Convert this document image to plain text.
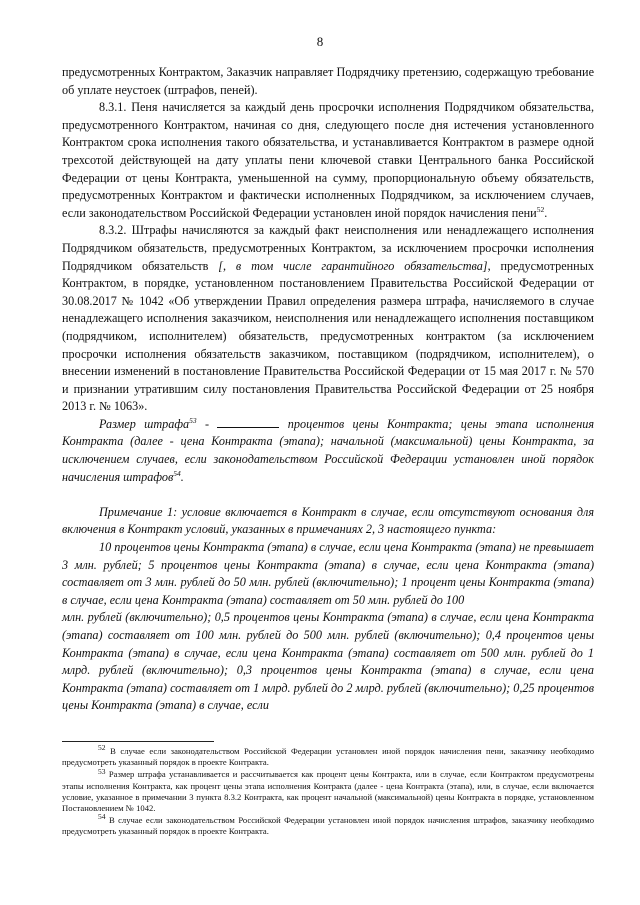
8

предусмотренных Контрактом, Заказчик направляет Подрядчику претензию, содержащую требование об уплате неустоек (штрафов, пеней).

8.3.1. Пеня начисляется за каждый день просрочки исполнения Подрядчиком обязательства, предусмотренного Контрактом, начиная со дня, следующего после дня истечения установленного Контрактом срока исполнения такого обязательства, и устанавливается Контрактом в размере одной трехсотой действующей на дату уплаты пени ключевой ставки Центрального банка Российской Федерации от цены Контракта, уменьшенной на сумму, пропорциональную объему обязательств, предусмотренных Контрактом и фактически исполненных Подрядчиком, за исключением случаев, если законодательством Российской Федерации установлен иной порядок начисления пени$^{52}$.

8.3.2. Штрафы начисляются за каждый факт неисполнения или ненадлежащего исполнения Подрядчиком обязательств, предусмотренных Контрактом, за исключением просрочки исполнения Подрядчиком обязательств [, в том числе гарантийного обязательства], предусмотренных Контрактом, в порядке, установленном постановлением Правительства Российской Федерации от 30.08.2017 № 1042 «Об утверждении Правил определения размера штрафа, начисляемого в случае ненадлежащего исполнения заказчиком, неисполнения или ненадлежащего исполнения поставщиком (подрядчиком, исполнителем) обязательств, предусмотренных контрактом (за исключением просрочки исполнения обязательств заказчиком, поставщиком (подрядчиком, исполнителем), о внесении изменений в постановление Правительства Российской Федерации от 15 мая 2017 г. № 570 и признании утратившим силу постановления Правительства Российской Федерации от 25 ноября 2013 г. № 1063».

Размер штрафа$^{53}$ -	процентов цены Контракта; цены этапа исполнения Контракта (далее - цена Контракта (этапа); начальной (максимальной) цены Контракта, за исключением случаев, если законодательством Российской Федерации установлен иной порядок начисления штрафов$^{54}$.

Примечание 1: условие включается в Контракт в случае, если отсутствуют основания для включения в Контракт условий, указанных в примечаниях 2, 3 настоящего пункта:

10 процентов цены Контракта (этапа) в случае, если цена Контракта (этапа) не превышает 3 млн. рублей; 5 процентов цены Контракта (этапа) в случае, если цена Контракта (этапа) составляет от 3 млн. рублей до 50 млн. рублей (включительно); 1 процент цены Контракта (этапа) в случае, если цена Контракта (этапа) составляет от 50 млн. рублей до 100

млн. рублей (включительно); 0,5 процентов цены Контракта (этапа) в случае, если цена Контракта (этапа) составляет от 100 млн. рублей до 500 млн. рублей (включительно); 0,4 процентов цены Контракта (этапа) в случае, если цена Контракта (этапа) составляет от 500 млн. рублей до 1 млрд. рублей (включительно); 0,3 процентов цены Контракта (этапа) в случае, если цена Контракта (этапа) составляет от 1 млрд. рублей до 2 млрд. рублей (включительно); 0,25 процентов цены Контракта (этапа) в случае, если

$^{52}$ В случае если законодательством Российской Федерации установлен иной порядок начисления пени, заказчику необходимо предусмотреть указанный порядок в проекте Контракта.

$^{53}$ Размер штрафа устанавливается и рассчитывается как процент цены Контракта, или в случае, если Контрактом предусмотрены этапы исполнения Контракта, как процент цены этапа исполнения Контракта (далее - цена Контракта (этапа), или, в случае, если включается условие, указанное в примечании 3 пункта 8.3.2 Контракта, как процент начальной (максимальной) цены Контракта в порядке, установленном Постановлением № 1042.

$^{54}$ В случае если законодательством Российской Федерации установлен иной порядок начисления штрафов, заказчику необходимо предусмотреть указанный порядок в проекте Контракта.
